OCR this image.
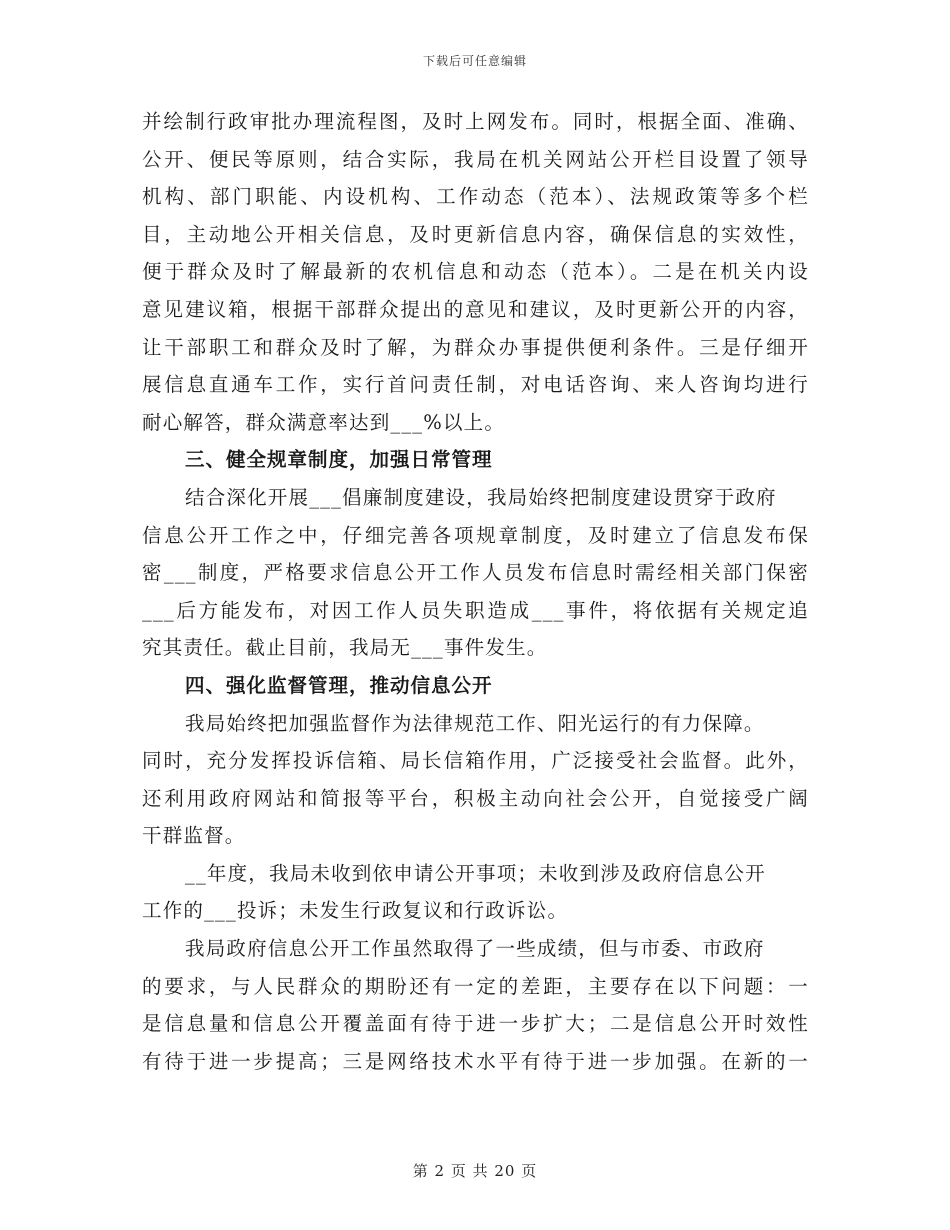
下载后可任意编辑
并绘制行政审批办理流程图，及时上网发布。同时，根据全面、准确、
公开、便民等原则，结合实际，我局在机关网站公开栏目设置了领导
机构、部门职能、内设机构、工作动态（范本）、法规政策等多个栏
目，主动地公开相关信息，及时更新信息内容，确保信息的实效性，
便于群众及时了解最新的农机信息和动态（范本）。二是在机关内设
意见建议箱，根据干部群众提出的意见和建议，及时更新公开的内容，
让干部职工和群众及时了解，为群众办事提供便利条件。三是仔细开
展信息直通车工作，实行首问责任制，对电话咨询、来人咨询均进行
耐心解答，群众满意率达到___%以上。
三、健全规章制度，加强日常管理
结合深化开展___倡廉制度建设，我局始终把制度建设贯穿于政府
信息公开工作之中，仔细完善各项规章制度，及时建立了信息发布保
密___制度，严格要求信息公开工作人员发布信息时需经相关部门保密
___后方能发布，对因工作人员失职造成___事件，将依据有关规定追
究其责任。截止目前，我局无___事件发生。
四、强化监督管理，推动信息公开
我局始终把加强监督作为法律规范工作、阳光运行的有力保障。
同时，充分发挥投诉信箱、局长信箱作用，广泛接受社会监督。此外，
还利用政府网站和简报等平台，积极主动向社会公开，自觉接受广阔
干群监督。
__年度，我局未收到依申请公开事项；未收到涉及政府信息公开
工作的___投诉；未发生行政复议和行政诉讼。
我局政府信息公开工作虽然取得了一些成绩，但与市委、市政府
的要求，与人民群众的期盼还有一定的差距，主要存在以下问题：一
是信息量和信息公开覆盖面有待于进一步扩大；二是信息公开时效性
有待于进一步提高；三是网络技术水平有待于进一步加强。在新的一
第 2 页 共 20 页
